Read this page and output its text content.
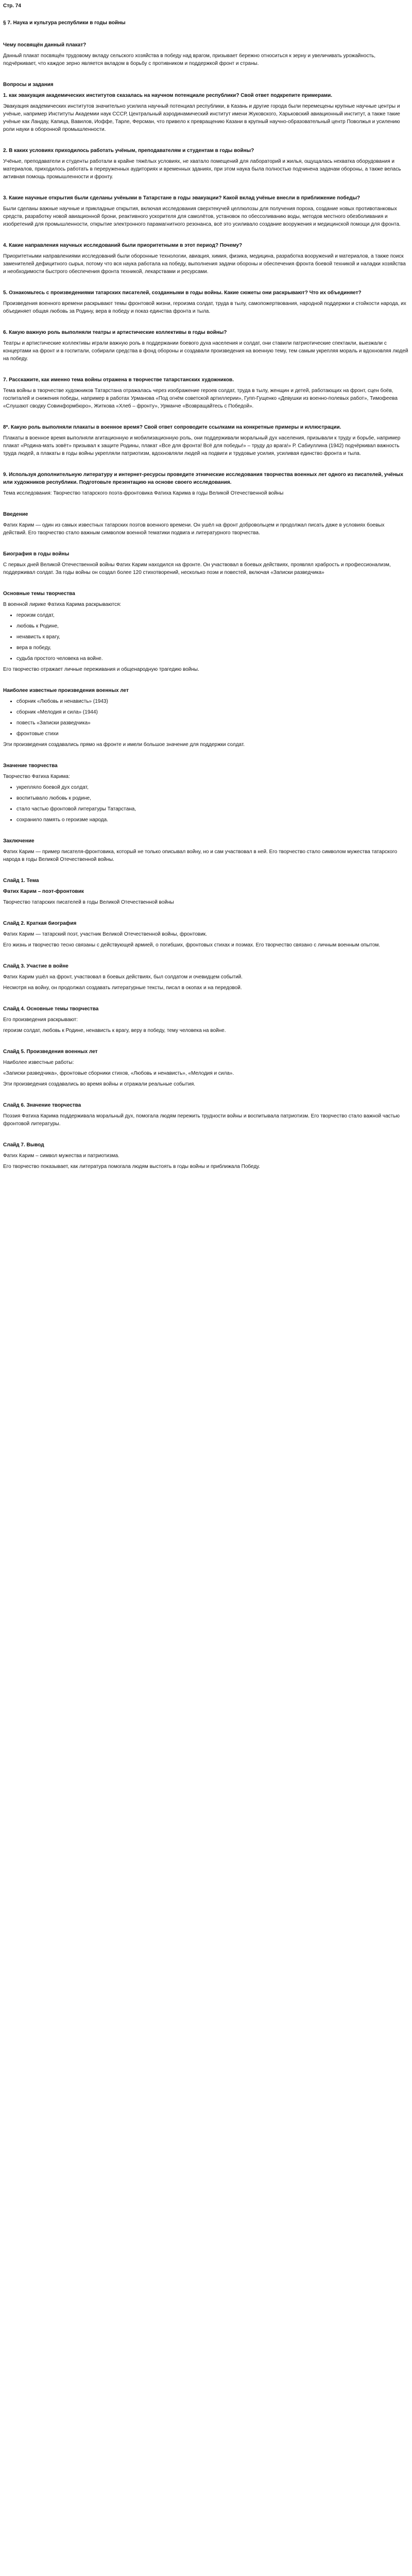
Стр. 74

§ 7. Наука и культура республики в годы войны

Чему посвящён данный плакат?

Данный плакат посвящён трудовому вкладу сельского хозяйства в победу над врагом, призывает бережно относиться к зерну и увеличивать урожайность, подчёркивает, что каждое зерно является вкладом в борьбу с противником и поддержкой фронт и страны.

Вопросы и задания

1. как эвакуация академических институтов сказалась на научном потенциале республики? Свой ответ подкрепите примерами.

Эвакуация академических институтов значительно усилила научный потенциал республики, в Казань и другие города были перемещены крупные научные центры и учёные, например Институты Академии наук СССР, Центральный аэродинамический институт имени Жуковского, Харьковский авиационный институт, а также такие учёные как Ландау, Капица, Вавилов, Иоффе, Тарле, Ферсман, что привело к превращению Казани в крупный научно-образовательный центр Поволжья и усилению роли науки в оборонной промышленности.

2. В каких условиях приходилось работать учёным, преподавателям и студентам в годы войны?

Учёные, преподаватели и студенты работали в крайне тяжёлых условиях, не хватало помещений для лабораторий и жилья, ощущалась нехватка оборудования и материалов, приходилось работать в переруженных аудиториях и временных зданиях, при этом наука была полностью подчинена задачам обороны, а также велась активная помощь промышленности и фронту.

3. Какие научные открытия были сделаны учёными в Татарстане в годы эвакуации? Какой вклад учёные внесли в приближение победы?

Были сделаны важные научные и прикладные открытия, включая исследования сверхтекучей целлюлозы для получения пороха, создание новых противотанковых средств, разработку новой авиационной брони, реактивного ускорителя для самолётов, установок по обессоливанию воды, методов местного обезболивания и изобретений для промышленности, открытие электронного парамагнитного резонанса, всё это усиливало создание вооружения и медицинской помощи для фронта.

4. Какие направления научных исследований были приоритетными в этот период? Почему?

Приоритетными направлениями исследований были оборонные технологии, авиация, химия, физика, медицина, разработка вооружений и материалов, а также поиск заменителей дефицитного сырья, потому что вся наука работала на победу, выполнения задачи обороны и обеспечения фронта боевой техникой и наладки хозяйства и необходимости быстрого обеспечения фронта техникой, лекарствами и ресурсами.

5. Ознакомьтесь с произведениями татарских писателей, созданными в годы войны. Какие сюжеты они раскрывают? Что их объединяет?

Произведения военного времени раскрывают темы фронтовой жизни, героизма солдат, труда в тылу, самопожертвования, народной поддержки и стойкости народа, их объединяет общая любовь за Родину, вера в победу и показ единства фронта и тыла.

6. Какую важную роль выполняли театры и артистические коллективы в годы войны?

Театры и артистические коллективы играли важную роль в поддержании боевого духа населения и солдат, они ставили патриотические спектакли, выезжали с концертами на фронт и в госпитали, собирали средства в фонд обороны и создавали произведения на военную тему, тем самым укрепляя мораль и вдохновляя людей на победу.

7. Расскажите, как именно тема войны отражена в творчестве татарстанских художников.

Тема войны в творчестве художников Татарстана отражалась через изображение героев солдат, труда в тылу, женщин и детей, работающих на фронт, сцен боёв, госпиталей и снижения победы, например в работах Урманова «Под огнём советской артиллерии», Гупп-Гущенко «Девушки из военно-полевых работ», Тимофеева «Слушают сводку Совинформбюро», Житкова «Хлеб – фронту», Урманче «Возвращайтесь с Победой».

8*. Какую роль выполняли плакаты в военное время? Свой ответ сопроводите ссылками на конкретные примеры и иллюстрации.

Плакаты в военное время выполняли агитационную и мобилизационную роль, они поддерживали моральный дух населения, призывали к труду и борьбе, например плакат «Родина-мать зовёт» призывал к защите Родины, плакат «Все для фронта! Всё для победы!» – труду до врага!» Р. Сабиуллина (1942) подчёркивал важность труда людей, а плакаты в годы войны укрепляли патриотизм, вдохновляли людей на подвиги и трудовые усилия, усиливая единство фронта и тыла.

9. Используя дополнительную литературу и интернет-ресурсы проведите этнические исследования творчества военных лет одного из писателей, учёных или художников республики. Подготовьте презентацию на основе своего исследования.

Тема исследования: Творчество татарского поэта-фронтовика Фатиха Карима в годы Великой Отечественной войны

Введение

Фатих Карим — один из самых известных татарских поэтов военного времени. Он ушёл на фронт добровольцем и продолжал писать даже в условиях боевых действий. Его творчество стало важным символом военной тематики подвига и литературного творчества.

Биография в годы войны

С первых дней Великой Отечественной войны Фатих Карим находился на фронте. Он участвовал в боевых действиях, проявлял храбрость и профессионализм, поддерживал солдат. За годы войны он создал более 120 стихотворений, несколько поэм и повестей, включая «Записки разведчика»

Основные темы творчества

В военной лирике Фатиха Карима раскрываются:

• героизм солдат,
• любовь к Родине,
• ненависть к врагу,
• вера в победу,
• судьба простого человека на войне.

Его творчество отражает личные переживания и общенародную трагедию войны.

Наиболее известные произведения военных лет

• сборник «Любовь и ненависть» (1943)
• сборник «Мелодия и сила» (1944)
• повесть «Записки разведчика»
• фронтовые стихи

Эти произведения создавались прямо на фронте и имели большое значение для поддержки солдат.

Значение творчества

Творчество Фатиха Карима:

• укрепляло боевой дух солдат,
• воспитывало любовь к родине,
• стало частью фронтовой литературы Татарстана,
• сохранило память о героизме народа.

Заключение

Фатих Карим — пример писателя-фронтовика, который не только описывал войну, но и сам участвовал в ней. Его творчество стало символом мужества татарского народа в годы Великой Отечественной войны.

Слайд 1. Тема

Фатих Карим – поэт-фронтовик

Творчество татарских писателей в годы Великой Отечественной войны

Слайд 2. Краткая биография

Фатих Карим — татарский поэт, участник Великой Отечественной войны, фронтовик.

Его жизнь и творчество тесно связаны с действующей армией, о погибших, фронтовых стихах и поэмах. Его творчество связано с личным военным опытом.

Слайд 3. Участие в войне

Фатих Карим ушёл на фронт, участвовал в боевых действиях, был солдатом и очевидцем событий.

Несмотря на войну, он продолжал создавать литературные тексты, писал в окопах и на передовой.

Слайд 4. Основные темы творчества

Его произведения раскрывают:

героизм солдат, любовь к Родине, ненависть к врагу, веру в победу, тему человека на войне.

Слайд 5. Произведения военных лет

Наиболее известные работы:

«Записки разведчика», фронтовые сборники стихов, «Любовь и ненависть», «Мелодия и сила».

Эти произведения создавались во время войны и отражали реальные события.

Слайд 6. Значение творчества

Поэзия Фатиха Карима поддерживала моральный дух, помогала людям пережить трудности войны и воспитывала патриотизм. Его творчество стало важной частью фронтовой литературы.

Слайд 7. Вывод

Фатих Карим – символ мужества и патриотизма.

Его творчество показывает, как литература помогала людям выстоять в годы войны и приближала Победу.
